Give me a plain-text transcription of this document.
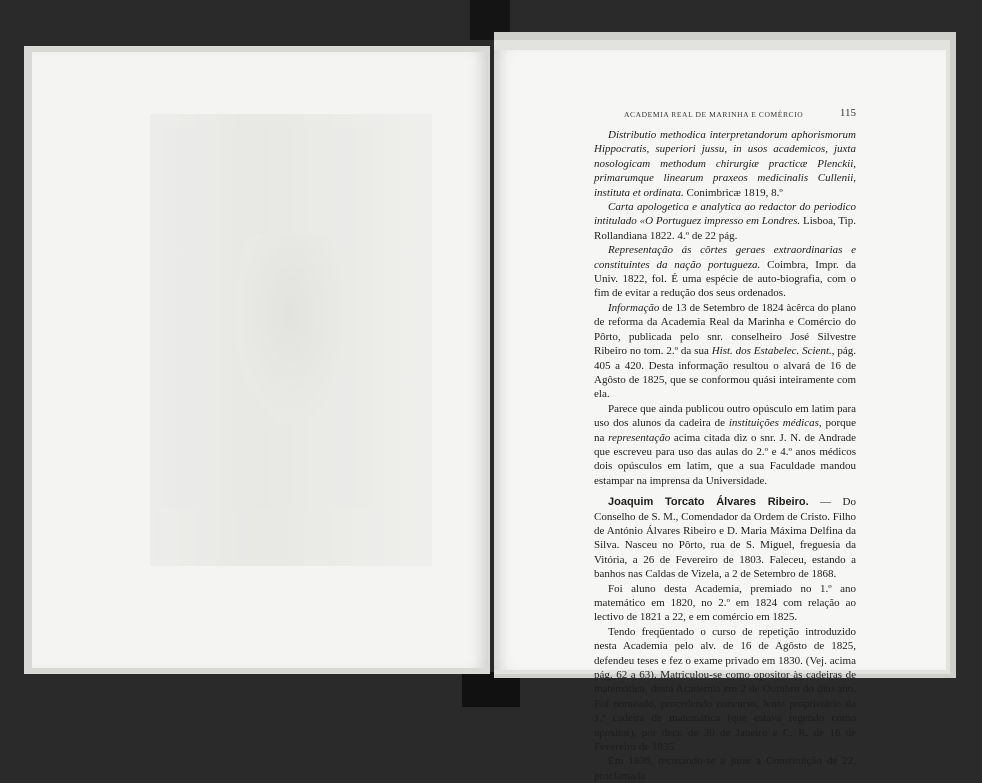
ACADEMIA REAL DE MARINHA E COMÉRCIO	115

Distributio methodica interpretandorum aphorismorum Hippocratis, superiori jussu, in usos academicos, juxta nosologicam methodum chirurgiæ practicæ Plenckii, primarumque linearum praxeos medicinalis Cullenii, instituta et ordinata. Conimbricæ 1819, 8.º

Carta apologetica e analytica ao redactor do periodico intitulado «O Portuguez impresso em Londres. Lisboa, Tip. Rollandiana 1822. 4.º de 22 pág.

Representação ás côrtes geraes extraordinarias e constituintes da nação portugueza. Coimbra, Impr. da Univ. 1822, fol. É uma espécie de auto-biografia, com o fim de evitar a redução dos seus ordenados.

Informação de 13 de Setembro de 1824 àcêrca do plano de reforma da Academia Real da Marinha e Comércio do Pôrto, publicada pelo snr. conselheiro José Silvestre Ribeiro no tom. 2.º da sua Hist. dos Estabelec. Scient., pág. 405 a 420. Desta informação resultou o alvará de 16 de Agôsto de 1825, que se conformou quási inteiramente com ela.

Parece que ainda publicou outro opúsculo em latim para uso dos alunos da cadeira de instituições médicas, porque na representação acima citada diz o snr. J. N. de Andrade que escreveu para uso das aulas do 2.º e 4.º anos médicos dois opúsculos em latim, que a sua Faculdade mandou estampar na imprensa da Universidade.

Joaquim Torcato Álvares Ribeiro. — Do Conselho de S. M., Comendador da Ordem de Cristo. Filho de António Álvares Ribeiro e D. Maria Máxima Delfina da Silva. Nasceu no Pôrto, rua de S. Miguel, freguesia da Vitória, a 26 de Fevereiro de 1803. Faleceu, estando a banhos nas Caldas de Vizela, a 2 de Setembro de 1868.

Foi aluno desta Academia, premiado no 1.º ano matemático em 1820, no 2.º em 1824 com relação ao lectivo de 1821 a 22, e em comércio em 1825.

Tendo freqüentado o curso de repetição introduzido nesta Academia pelo alv. de 16 de Agôsto de 1825, defendeu teses e fez o exame privado em 1830. (Vej. acima pág. 62 a 63). Matriculou-se como opositor às cadeiras de matemática, desta Academia em 2 de Outubro do dito ano. Foi nomeado, procedendo concurso, lente proprietário da 1.ª cadeira de matemática (que estava regendo como opositor), por decr. de 30 de Janeiro e C. R. de 16 de Fevereiro de 1835.

Em 1836, recusando-se a jurar a Constituição de 22, proclamada
